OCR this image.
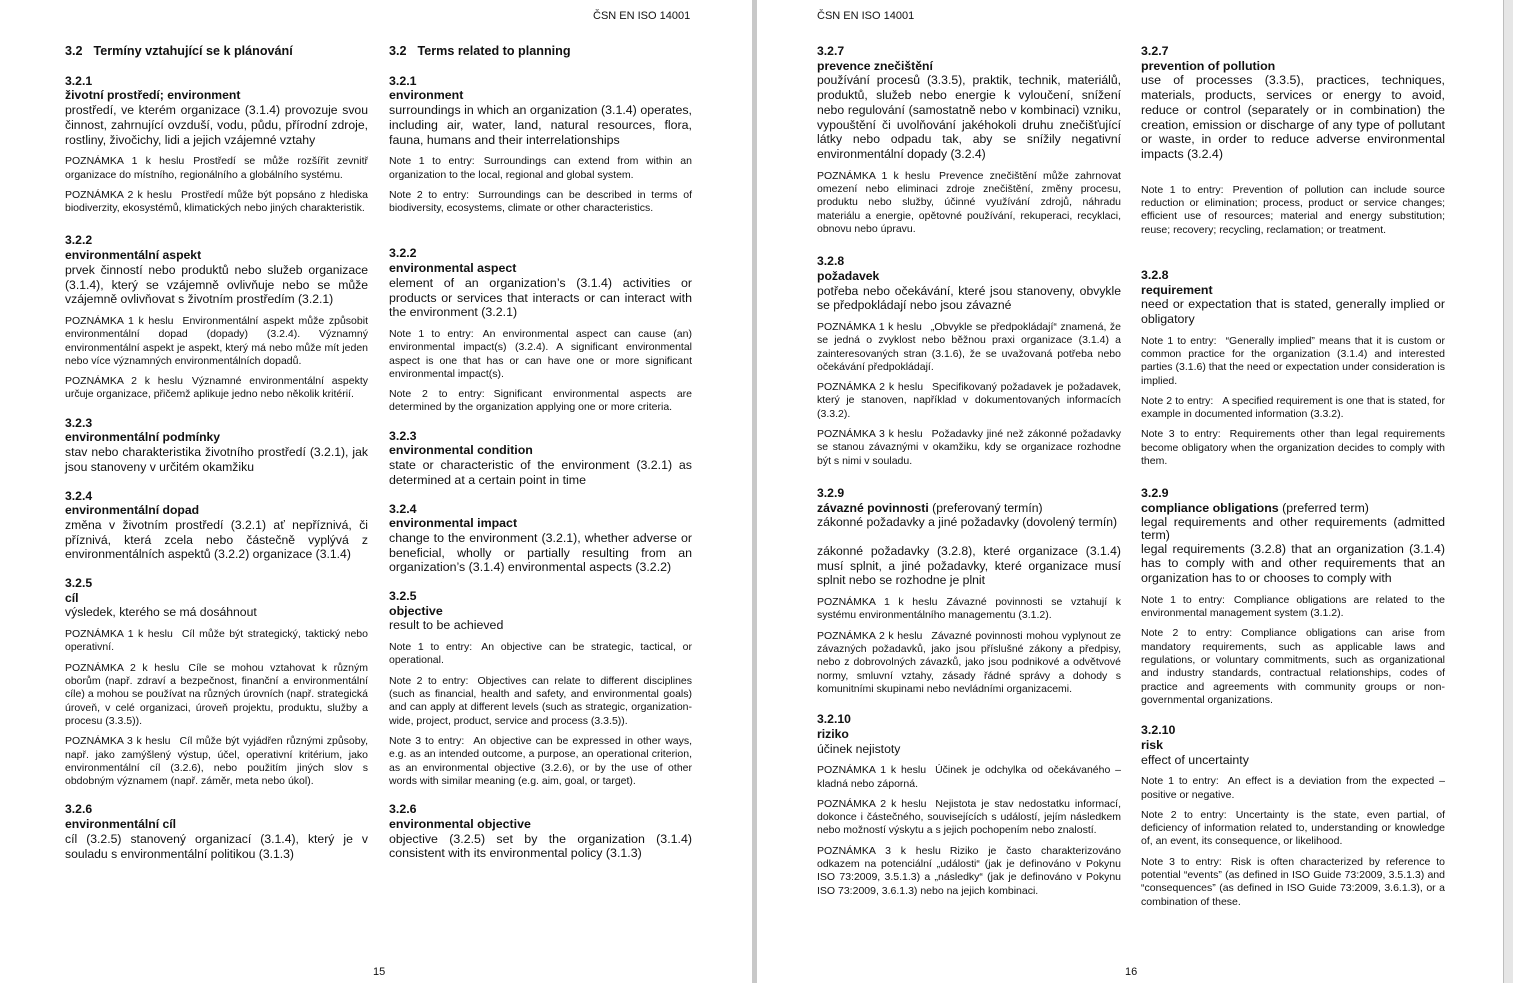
ČSN EN ISO 14001

3.2 Termíny vztahující se k plánování

3.2.1

životní prostředí; environment

prostředí, ve kterém organizace (3.1.4) provozuje svou činnost, zahrnující ovzduší, vodu, půdu, přírodní zdroje, rostliny, živočichy, lidi a jejich vzájemné vztahy

POZNÁMKA 1 k heslu Prostředí se může rozšířit zevnitř organizace do místního, regionálního a globálního systému.

POZNÁMKA 2 k heslu Prostředí může být popsáno z hlediska biodiverzity, ekosystémů, klimatických nebo jiných charakteristik.

3.2.2

environmentální aspekt

prvek činností nebo produktů nebo služeb organizace (3.1.4), který se vzájemně ovlivňuje nebo se může vzájemně ovlivňovat s životním prostředím (3.2.1)

POZNÁMKA 1 k heslu Environmentální aspekt může způsobit environmentální dopad (dopady) (3.2.4). Významný environmentální aspekt je aspekt, který má nebo může mít jeden nebo více významných environmentálních dopadů.

POZNÁMKA 2 k heslu Významné environmentální aspekty určuje organizace, přičemž aplikuje jedno nebo několik kritérií.

3.2.3

environmentální podmínky

stav nebo charakteristika životního prostředí (3.2.1), jak jsou stanoveny v určitém okamžiku

3.2.4

environmentální dopad

změna v životním prostředí (3.2.1) ať nepříznivá, či příznivá, která zcela nebo částečně vyplývá z environmentálních aspektů (3.2.2) organizace (3.1.4)

3.2.5

cíl

výsledek, kterého se má dosáhnout

POZNÁMKA 1 k heslu Cíl může být strategický, taktický nebo operativní.

POZNÁMKA 2 k heslu Cíle se mohou vztahovat k různým oborům (např. zdraví a bezpečnost, finanční a environmentální cíle) a mohou se používat na různých úrovních (např. strategická úroveň, v celé organizaci, úroveň projektu, produktu, služby a procesu (3.3.5)).

POZNÁMKA 3 k heslu Cíl může být vyjádřen různými způsoby, např. jako zamýšlený výstup, účel, operativní kritérium, jako environmentální cíl (3.2.6), nebo použitím jiných slov s obdobným významem (např. záměr, meta nebo úkol).

3.2.6

environmentální cíl

cíl (3.2.5) stanovený organizací (3.1.4), který je v souladu s environmentální politikou (3.1.3)

3.2 Terms related to planning

3.2.1

environment

surroundings in which an organization (3.1.4) operates, including air, water, land, natural resources, flora, fauna, humans and their interrelationships

Note 1 to entry: Surroundings can extend from within an organization to the local, regional and global system.

Note 2 to entry: Surroundings can be described in terms of biodiversity, ecosystems, climate or other characteristics.

3.2.2

environmental aspect

element of an organization’s (3.1.4) activities or products or services that interacts or can interact with the environment (3.2.1)

Note 1 to entry: An environmental aspect can cause (an) environmental impact(s) (3.2.4). A significant environmental aspect is one that has or can have one or more significant environmental impact(s).

Note 2 to entry: Significant environmental aspects are determined by the organization applying one or more criteria.

3.2.3

environmental condition

state or characteristic of the environment (3.2.1) as determined at a certain point in time

3.2.4

environmental impact

change to the environment (3.2.1), whether adverse or beneficial, wholly or partially resulting from an organization’s (3.1.4) environmental aspects (3.2.2)

3.2.5

objective

result to be achieved

Note 1 to entry: An objective can be strategic, tactical, or operational.

Note 2 to entry: Objectives can relate to different disciplines (such as financial, health and safety, and environmental goals) and can apply at different levels (such as strategic, organization-wide, project, product, service and process (3.3.5)).

Note 3 to entry: An objective can be expressed in other ways, e.g. as an intended outcome, a purpose, an operational criterion, as an environmental objective (3.2.6), or by the use of other words with similar meaning (e.g. aim, goal, or target).

3.2.6

environmental objective

objective (3.2.5) set by the organization (3.1.4) consistent with its environmental policy (3.1.3)

15
ČSN EN ISO 14001

3.2.7

prevence znečištění

používání procesů (3.3.5), praktik, technik, materiálů, produktů, služeb nebo energie k vyloučení, snížení nebo regulování (samostatně nebo v kombinaci) vzniku, vypouštění či uvolňování jakéhokoli druhu znečišťující látky nebo odpadu tak, aby se snížily negativní environmentální dopady (3.2.4)

POZNÁMKA 1 k heslu Prevence znečištění může zahrnovat omezení nebo eliminaci zdroje znečištění, změny procesu, produktu nebo služby, účinné využívání zdrojů, náhradu materiálu a energie, opětovné používání, rekuperaci, recyklaci, obnovu nebo úpravu.

3.2.8

požadavek

potřeba nebo očekávání, které jsou stanoveny, obvykle se předpokládají nebo jsou závazné

POZNÁMKA 1 k heslu „Obvykle se předpokládají“ znamená, že se jedná o zvyklost nebo běžnou praxi organizace (3.1.4) a zainteresovaných stran (3.1.6), že se uvažovaná potřeba nebo očekávání předpokládají.

POZNÁMKA 2 k heslu Specifikovaný požadavek je požadavek, který je stanoven, například v dokumentovaných informacích (3.3.2).

POZNÁMKA 3 k heslu Požadavky jiné než zákonné požadavky se stanou závaznými v okamžiku, kdy se organizace rozhodne být s nimi v souladu.

3.2.9

závazné povinnosti (preferovaný termín)

zákonné požadavky a jiné požadavky (dovolený termín)

zákonné požadavky (3.2.8), které organizace (3.1.4) musí splnit, a jiné požadavky, které organizace musí splnit nebo se rozhodne je plnit

POZNÁMKA 1 k heslu Závazné povinnosti se vztahují k systému environmentálního managementu (3.1.2).

POZNÁMKA 2 k heslu Závazné povinnosti mohou vyplynout ze závazných požadavků, jako jsou příslušné zákony a předpisy, nebo z dobrovolných závazků, jako jsou podnikové a odvětvové normy, smluvní vztahy, zásady řádné správy a dohody s komunitními skupinami nebo nevládními organizacemi.

3.2.10

riziko

účinek nejistoty

POZNÁMKA 1 k heslu Účinek je odchylka od očekávaného – kladná nebo záporná.

POZNÁMKA 2 k heslu Nejistota je stav nedostatku informací, dokonce i částečného, souvisejících s událostí, jejím následkem nebo možností výskytu a s jejich pochopením nebo znalostí.

POZNÁMKA 3 k heslu Riziko je často charakterizováno odkazem na potenciální „události“ (jak je definováno v Pokynu ISO 73:2009, 3.5.1.3) a „následky“ (jak je definováno v Pokynu ISO 73:2009, 3.6.1.3) nebo na jejich kombinaci.

3.2.7

prevention of pollution

use of processes (3.3.5), practices, techniques, materials, products, services or energy to avoid, reduce or control (separately or in combination) the creation, emission or discharge of any type of pollutant or waste, in order to reduce adverse environmental impacts (3.2.4)

Note 1 to entry: Prevention of pollution can include source reduction or elimination; process, product or service changes; efficient use of resources; material and energy substitution; reuse; recovery; recycling, reclamation; or treatment.

3.2.8

requirement

need or expectation that is stated, generally implied or obligatory

Note 1 to entry: “Generally implied” means that it is custom or common practice for the organization (3.1.4) and interested parties (3.1.6) that the need or expectation under consideration is implied.

Note 2 to entry: A specified requirement is one that is stated, for example in documented information (3.3.2).

Note 3 to entry: Requirements other than legal requirements become obligatory when the organization decides to comply with them.

3.2.9

compliance obligations (preferred term)

legal requirements and other requirements (admitted term)

legal requirements (3.2.8) that an organization (3.1.4) has to comply with and other requirements that an organization has to or chooses to comply with

Note 1 to entry: Compliance obligations are related to the environmental management system (3.1.2).

Note 2 to entry: Compliance obligations can arise from mandatory requirements, such as applicable laws and regulations, or voluntary commitments, such as organizational and industry standards, contractual relationships, codes of practice and agreements with community groups or non-governmental organizations.

3.2.10

risk

effect of uncertainty

Note 1 to entry: An effect is a deviation from the expected – positive or negative.

Note 2 to entry: Uncertainty is the state, even partial, of deficiency of information related to, understanding or knowledge of, an event, its consequence, or likelihood.

Note 3 to entry: Risk is often characterized by reference to potential “events” (as defined in ISO Guide 73:2009, 3.5.1.3) and “consequences” (as defined in ISO Guide 73:2009, 3.6.1.3), or a combination of these.

16
